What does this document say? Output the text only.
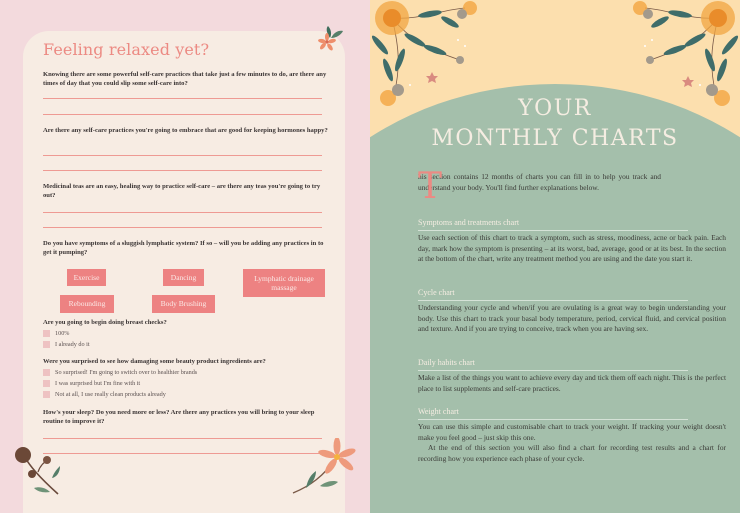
Feeling relaxed yet?
Knowing there are some powerful self-care practices that take just a few minutes to do, are there any times of day that you could slip some self-care into?
Are there any self-care practices you're going to embrace that are good for keeping hormones happy?
Medicinal teas are an easy, healing way to practice self-care – are there any teas you're going to try out?
Do you have symptoms of a sluggish lymphatic system? If so – will you be adding any practices in to get it pumping?
Exercise	Dancing	Lymphatic drainage massage
Rebounding	Body Brushing
Are you going to begin doing breast checks?
100%
I already do it
Were you surprised to see how damaging some beauty product ingredients are?
So surprised! I'm going to switch over to healthier brands
I was surprised but I'm fine with it
Not at all, I use really clean products already
How's your sleep? Do you need more or less? Are there any practices you will bring to your sleep routine to improve it?
YOUR
MONTHLY CHARTS
his section contains 12 months of charts you can fill in to help you track and understand your body. You'll find further explanations below.
Symptoms and treatments chart
Use each section of this chart to track a symptom, such as stress, moodiness, acne or back pain. Each day, mark how the symptom is presenting – at its worst, bad, average, good or at its best. In the section at the bottom of the chart, write any treatment method you are using and the date you start it.
Cycle chart
Understanding your cycle and when/if you are ovulating is a great way to begin understanding your body. Use this chart to track your basal body temperature, period, cervical fluid, and cervical position and texture. And if you are trying to conceive, track when you are having sex.
Daily habits chart
Make a list of the things you want to achieve every day and tick them off each night. This is the perfect place to list supplements and self-care practices.
Weight chart
You can use this simple and customisable chart to track your weight. If tracking your weight doesn't make you feel good – just skip this one.
At the end of this section you will also find a chart for recording test results and a chart for recording how you experience each phase of your cycle.
T
